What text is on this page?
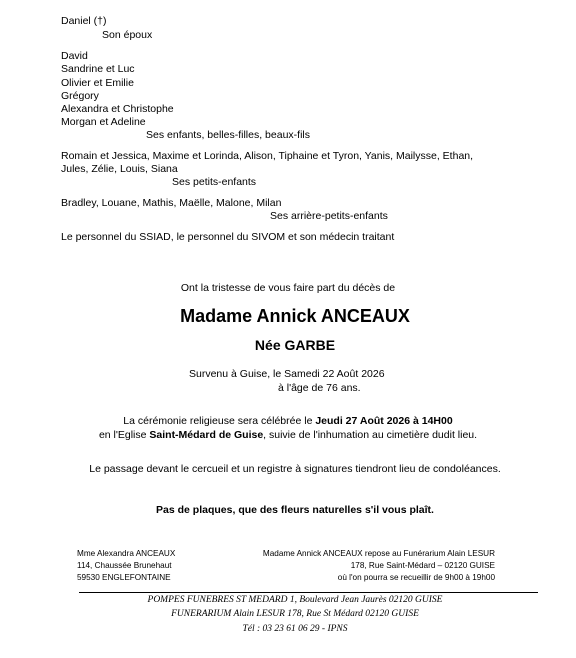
Daniel (†)
Son époux
David
Sandrine et Luc
Olivier et Emilie
Grégory
Alexandra et Christophe
Morgan et Adeline
Ses enfants, belles-filles, beaux-fils
Romain et Jessica, Maxime et Lorinda, Alison, Tiphaine et Tyron, Yanis, Mailysse, Ethan,
Jules, Zélie, Louis, Siana
Ses petits-enfants
Bradley, Louane, Mathis, Maëlle, Malone, Milan
Ses arrière-petits-enfants
Le personnel du SSIAD, le personnel du SIVOM et son médecin traitant
Ont la tristesse de vous faire part du décès de
Madame Annick ANCEAUX
Née GARBE
Survenu à Guise, le Samedi 22 Août 2026
à l'âge de 76 ans.
La cérémonie religieuse sera célébrée le Jeudi 27 Août 2026 à 14H00
en l'Eglise Saint-Médard de Guise, suivie de l'inhumation au cimetière dudit lieu.
Le passage devant le cercueil et un registre à signatures tiendront lieu de condoléances.
Pas de plaques, que des fleurs naturelles s'il vous plaît.
Mme Alexandra ANCEAUX
114, Chaussée Brunehaut
59530 ENGLEFONTAINE
Madame Annick ANCEAUX repose au Funérarium Alain LESUR
178, Rue Saint-Médard – 02120 GUISE
où l'on pourra se recueillir de 9h00 à 19h00
POMPES FUNEBRES ST MEDARD 1, Boulevard Jean Jaurès 02120 GUISE
FUNERARIUM Alain LESUR 178, Rue St Médard 02120 GUISE
Tél : 03 23 61 06 29 - IPNS
